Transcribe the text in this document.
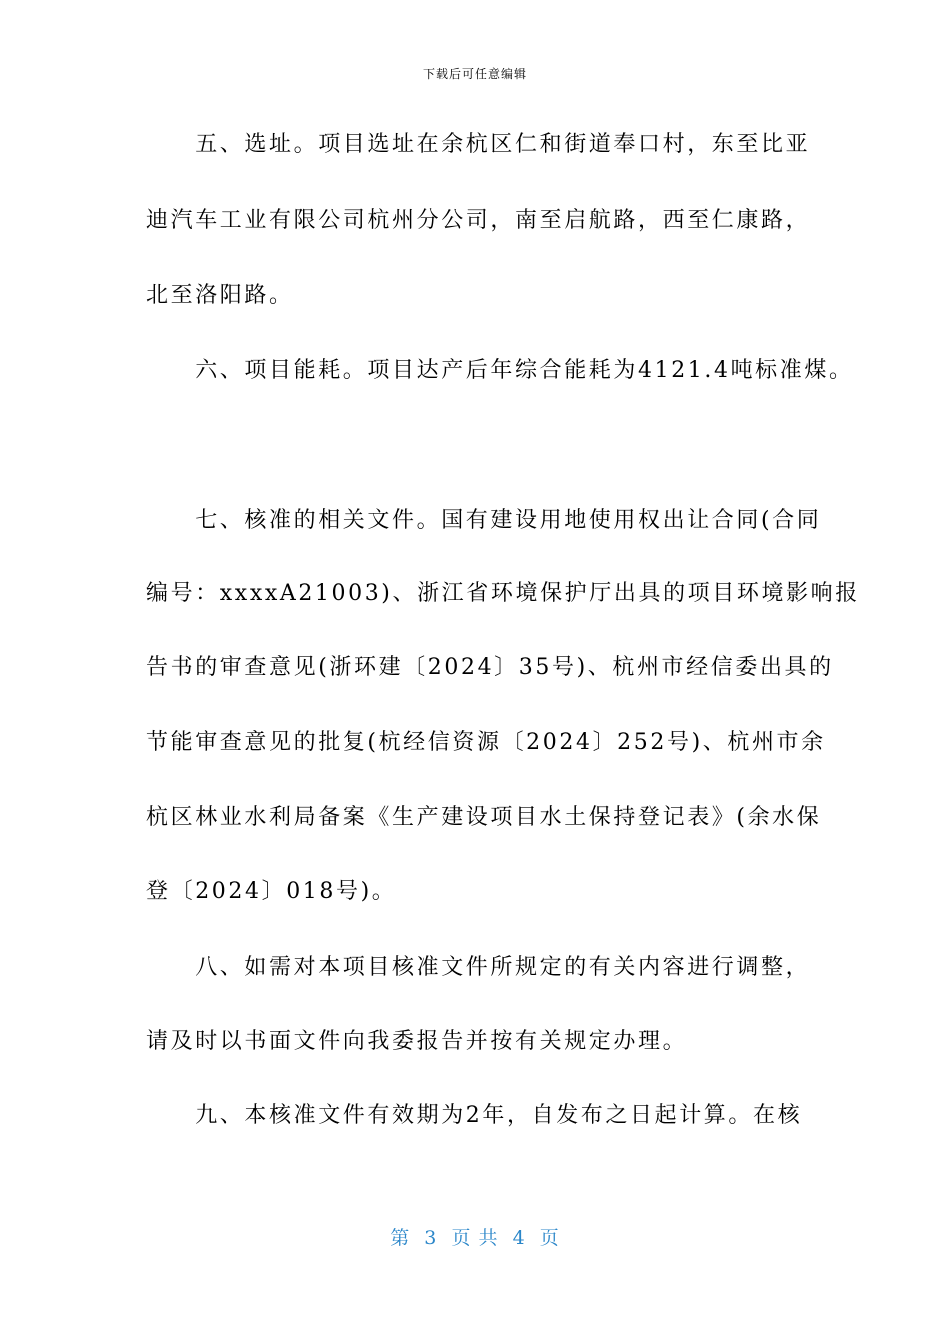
下载后可任意编辑
　　五、选址。项目选址在余杭区仁和街道奉口村，东至比亚
迪汽车工业有限公司杭州分公司，南至启航路，西至仁康路，
北至洛阳路。
　　六、项目能耗。项目达产后年综合能耗为4121.4吨标准煤。
　　七、核准的相关文件。国有建设用地使用权出让合同(合同
编号：xxxxA21003)、浙江省环境保护厅出具的项目环境影响报
告书的审查意见(浙环建〔2024〕35号)、杭州市经信委出具的
节能审查意见的批复(杭经信资源〔2024〕252号)、杭州市余
杭区林业水利局备案《生产建设项目水土保持登记表》(余水保
登〔2024〕018号)。
　　八、如需对本项目核准文件所规定的有关内容进行调整，
请及时以书面文件向我委报告并按有关规定办理。
　　九、本核准文件有效期为2年，自发布之日起计算。在核
第  3  页 共  4  页
